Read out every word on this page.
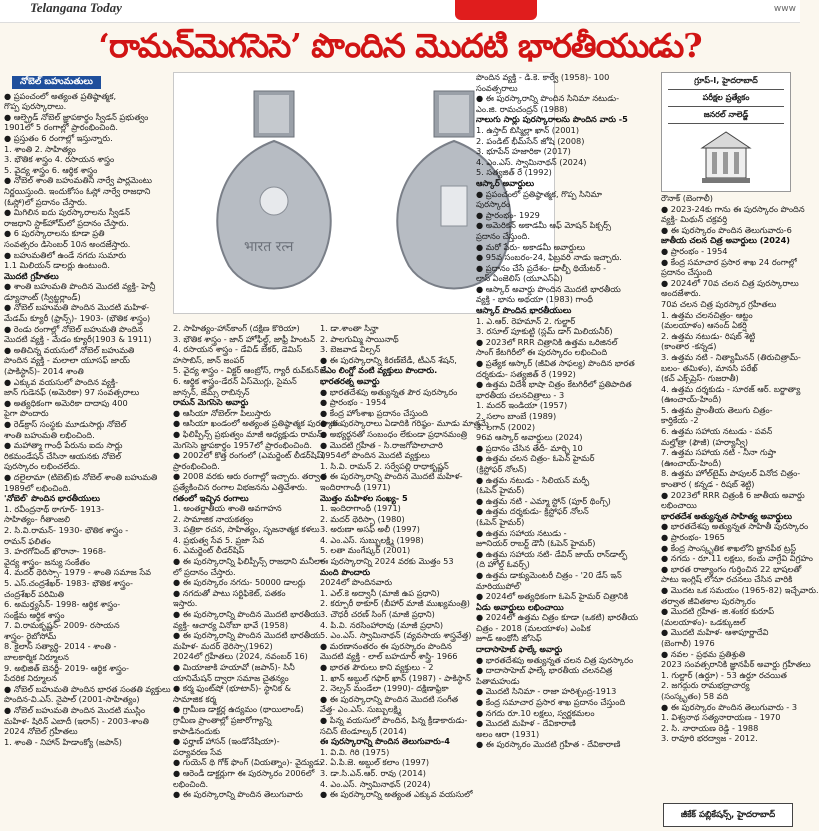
Telangana Today	www
‘రామన్‌మెగసెసె’ పొందిన మొదటి భారతీయుడు?
నోబెల్ బహుమతులు
● ప్రపంచంలో అత్యంత ప్రతిష్ఠాత్మక,
గొప్ప పురస్కారాలు.
● ఆల్ఫ్రెడ్ నోబెల్ జ్ఞాపకార్థం స్వీడన్ ప్రభుత్వం
1901లో 5 రంగాల్లో ప్రారంభించింది.
● ప్రస్తుతం 6 రంగాల్లో ఇస్తున్నారు.
1. శాంతి 2. సాహిత్యం
3. భౌతిక శాస్త్రం 4. రసాయన శాస్త్రం
5. వైద్య శాస్త్రం 6. ఆర్థిక శాస్త్రం
● నోబెల్ శాంతి బహుమతిని నార్వే పార్లమెంటు
నిర్ణయిస్తుంది. ఇందుకోసం ఓస్లో నార్వే రాజధాని
(ఓస్లో)లో ప్రదానం చేస్తారు.
● మిగిలిన ఐదు పురస్కారాలను స్వీడన్
రాజధాని స్టాక్‌హోమ్‌లో ప్రదానం చేస్తారు.
● 6 పురస్కారాలను కూడా ప్రతి
సంవత్సరం డిసెంబర్ 10న అందజేస్తారు.
● బహుమతిలో ఉండే నగదు సుమారు
1.1 మిలియన్ డాలర్లు ఉంటుంది.
మొదటి గ్రహీతలు
● శాంతి బహుమతి పొందిన మొదటి వ్యక్తి- హెన్రీ
డ్యూనాంట్ (స్విట్జర్లాండ్)
● నోబెల్ బహుమతి పొందిన మొదటి మహిళ-
మేడమ్ క్యూరీ (ఫ్రాన్స్)- 1903- (భౌతిక శాస్త్రం)
● రెండు రంగాల్లో నోబెల్ బహుమతి పొందిన
మొదటి వ్యక్తి - మేడం క్యూరీ(1903 & 1911)
● అతిచిన్న వయసులో నోబెల్ బహుమతి
పొందిన వ్యక్తి - మలాలా యూసఫ్ జాయ్
(పాకిస్థాన్)- 2014 శాంతి
● ఎక్కువ వయసులో పొందిన వ్యక్తి-
జాన్ గుడెనఫ్ (అమెరికా) 97 సంవత్సరాలు
● అత్యధికంగా అమెరికా దాదాపు 400
పైగా పొందారు
● రెడ్‌క్రాస్ సంస్థకు మూడుసార్లు నోబెల్
శాంతి బహుమతి లభించింది.
● మహాత్మా గాంధీ పేరును ఐదు సార్లు
రికమండేషన్ చేసినా ఆయనకు నోబెల్
పురస్కారం లభించలేదు.
● దలైలామా (టిబెట్)కు నోబెల్ శాంతి బహుమతి
1989లో లభించింది.
'నోబెల్' పొందిన భారతీయులు
1. రవీంద్రనాథ్ ఠాగూర్- 1913-
సాహిత్యం- గీతాంజలి
2. సి.వి.రామన్- 1930- భౌతిక శాస్త్రం -
రామన్ ఫలితం
3. హరగోవింద్ ఖొరానా- 1968-
వైద్య శాస్త్రం- జన్యు సంకేతం
4. మదర్ థెరిస్సా- 1979 - శాంతి సమాజ సేవ
5. ఎస్.చంద్రశేఖర్- 1983- భౌతిక శాస్త్రం-
చంద్రశేఖర్ పరిమితి
6. అమర్త్యసేన్- 1998- ఆర్థిక శాస్త్రం-
సంక్షేమ ఆర్థిక శాస్త్రం
7. వి.రామకృష్ణన్- 2009- రసాయన
శాస్త్రం- రైబోసోమ్
8. కైలాస్ సత్యార్థి- 2014 - శాంతి -
బాలకార్మిక నిర్మూలన
9. అభిజిత్ బెనర్జీ- 2019- ఆర్థిక శాస్త్రం-
పేదరిక నిర్మూలన
● నోబెల్ బహుమతి పొందిన భారత సంతతి వ్యక్తులు
పొందిన-వి.ఎస్. నైపాల్ (2001-సాహిత్యం)
● నోబెల్ బహుమతి పొందిన మొదటి ముస్లిం
మహిళ- షిరిన్ ఎబాదీ (ఇరాన్) - 2003-శాంతి
2024 నోబెల్ గ్రహీతలు
1. శాంతి - నిహాన్ హిడాంక్యో (జపాన్)
भारत रत्न
2. సాహిత్యం-హాన్‌కాంగ్ (దక్షిణ కొరియా)
3. భౌతిక శాస్త్రం - జాన్ హోఫీల్డ్, జాఫ్రీ హింటన్
4. రసాయన శాస్త్రం - డేవిడ్ బేకర్, డెమిస్
హసాబిస్, జాన్ జంపర్
5. వైద్య శాస్త్రం - విక్టర్ ఆంబ్రోస్, గ్యారీ రువ్‌కున్
6. ఆర్థిక శాస్త్రం-డేరన్ ఏస్‌మొగ్లు, సైమన్
జాన్సన్, జేమ్స్ రాబిన్సన్
రామన్ మెగసెసె అవార్డు
● ఆసియా నోబెల్‌గా పిలుస్తారు
● ఆసియా ఖండంలో అత్యంత ప్రతిష్ఠాత్మక పురస్కారం
● ఫిలిప్పీన్స్ ప్రభుత్వం మాజీ అధ్యక్షుడు రామన్
మెగసెసె జ్ఞాపకార్థం 1957లో ప్రారంభించింది.
● 2002లో కొత్త రంగంలో (ఎమర్జెంట్ లీడర్‌షిప్)
ప్రారంభించింది.
● 2008 వరకు ఆరు రంగాల్లో ఇచ్చారు. తర్వాత
ప్రత్యేకించిన రంగాల విభజనను ఎత్తివేశారు.
గతంలో ఇచ్చిన రంగాలు
1. అంతర్జాతీయ శాంతి అవగాహన
2. సామాజిక నాయకత్వం
3. పత్రికా రచన, సాహిత్యం, సృజనాత్మక కళలు
4. ప్రభుత్వ సేవ 5. ప్రజా సేవ
6. ఎమర్జెంట్ లీడర్‌షిప్
● ఈ పురస్కారాన్ని ఫిలిప్పీన్స్ రాజధాని మనీలా
లో ప్రదానం చేస్తారు.
● ఈ పురస్కారం నగదు- 50000 డాలర్లు
● నగదుతో పాటు సర్టిఫికెట్, పతకం
ఇస్తారు.
● ఈ పురస్కారాన్ని పొందిన మొదటి భారతీయ
వ్యక్తి- ఆచార్య వినోబా భావే (1958)
● ఈ పురస్కారాన్ని పొందిన మొదటి భారతీయ
మహిళ- మదర్ థెరిస్సా(1962)
2024లో గ్రహీతలు (2024, నవంబర్ 16)
● మియాజాకి హయావో (జపాన్)- సినీ
యానిమేషన్ ద్వారా సమాజ చైతన్యం
● కర్మ ఫుంట్‌షో (భూటాన్)- స్థానిక &
సామాజిక కర్మ
● గ్రామీణ డాక్టర్ల ఉద్యమం (థాయిలాండ్)
గ్రామీణ ప్రాంతాల్లో ప్రజారోగ్యాన్ని
కాపాడినందుకు
● ఫర్హాణ్ హాసన్ (ఇండోనేషియా)-
పర్యావరణ సేవ
● గుయెన్ థి గోక్ ఫొంగ్ (వియత్నాం)- వైద్యుడు
● ఆరెండీ డాక్టర్లుగా ఈ పురస్కారం 2006లో
లభించింది.
● ఈ పురస్కారాన్ని పొందిన తెలుగువారు
1. డా.శాంతా సిన్హా
2. పాలగుమ్మి సాయినాథ్
3. బెజవాడ విల్సన్
● ఈ పురస్కారాన్ని కిరణ్‌బేడీ, టీఎన్ శేషన్,
జేఎం లింగ్డో వంటి వ్యక్తులు పొందారు.
భారతరత్న అవార్డు
● భారతదేశపు అత్యున్నత పౌర పురస్కారం
● ప్రారంభం - 1954
● కేంద్ర హోంశాఖ ప్రదానం చేస్తుంది
● ఈ పురస్కారాలు ఏడాదికి గరిష్ఠం- మూడు మాత్రమే
● అభ్యర్థనతో సంబంధం లేకుండా ప్రధానమంత్రి
● మొదటి గ్రహీత - సి.రాజగోపాలాచారి
1954లో పొందిన మొదటి వ్యక్తులు
1. సి.వి. రామన్ 2. సర్వేపల్లి రాధాకృష్ణన్
● ఈ పురస్కారాన్ని పొందిన మొదటి మహిళ-
ఇందిరాగాంధీ (1971)
మొత్తం మహిళల సంఖ్య- 5
1. ఇందిరాగాంధీ (1971)
2. మదర్ థెరిస్సా (1980)
3. అరుణా అసఫ్ అలీ (1997)
4. ఎం.ఎస్. సుబ్బులక్ష్మి (1998)
5. లతా మంగేష్కర్ (2001)
ఈ పురస్కారాన్ని 2024 వరకు మొత్తం 53
మంది పొందారు
2024లో పొందినవారు
1. ఎల్.కె అద్వానీ (మాజీ ఉప ప్రధాని)
2. కర్పూరీ ఠాకూర్ (బీహార్ మాజీ ముఖ్యమంత్రి)
3. చౌధరీ చరణ్ సింగ్ (మాజీ ప్రధాని)
4. పి.వి. నరసింహారావు (మాజీ ప్రధాని)
5. ఎం.ఎస్. స్వామినాథన్ (వ్యవసాయ శాస్త్రవేత్త)
● మరణానంతరం ఈ పురస్కారం పొందిన
మొదటి వ్యక్తి - లాల్ బహదూర్ శాస్త్రి- 1966
● భారత పౌరులు కాని వ్యక్తులు - 2
1. ఖాన్ అబ్దుల్ గఫార్ ఖాన్ (1987) - పాకిస్థాన్
2. నెల్సన్ మండేలా (1990)- దక్షిణాఫ్రికా
● ఈ పురస్కారాన్ని పొందిన మొదటి సంగీత
వేత్త- ఎం.ఎస్. సుబ్బులక్ష్మి
● పిన్న వయసులో పొందిన, పిన్న క్రీడాకారుడు-
సచిన్ టెండూల్కర్ (2014)
ఈ పురస్కారాన్ని పొందిన తెలుగువారు-4
1. వి.వి. గిరి (1975)
2. ఏ.పి.జె. అబ్దుల్ కలాం (1997)
3. డా.సి.ఎన్.ఆర్. రావు (2014)
4. ఎం.ఎస్. స్వామినాథన్ (2024)
● ఈ పురస్కారాన్ని అత్యంత ఎక్కువ వయసులో
పొందిన వ్యక్తి - డి.కె. కార్వే (1958)- 100
సంవత్సరాలు
● ఈ పురస్కారాన్ని పొందిన సినిమా నటుడు-
ఎం.జి. రామచంద్రన్ (1988)
నాలుగు సార్లు పురస్కారాలను పొందిన వారు -5
1. ఉస్తాద్ బిస్మిల్లా ఖాన్ (2001)
2. పండిట్ భీమ్‌సేన్ జోషి (2008)
3. భూపేన్ హజారికా (2017)
4. ఎం.ఎస్. స్వామినాథన్ (2024)
5. సత్యజిత్ రే (1992)
ఆస్కార్ అవార్డులు
● ప్రపంచంలో ప్రతిష్ఠాత్మక, గొప్ప సినిమా
పురస్కారం
● ప్రారంభం- 1929
● అమెరికన్ అకాడమీ ఆఫ్ మోషన్ పిక్చర్స్
ప్రదానం చేస్తుంది.
● మరో పేరు- అకాడమీ అవార్డులు
● 95వ సంబరం-24, ఫిబ్రవరి నాడు ఇచ్చారు.
● ప్రదానం చేసే ప్రదేశం- డాల్బీ థియేటర్ -
లాస్ ఏంజెలిస్ (యూఎస్ఏ)
● ఆస్కార్ అవార్డు పొందిన మొదటి భారతీయ
వ్యక్తి - భాను అథయా (1983) గాంధీ
ఆస్కార్ పొందిన భారతీయులు
1. ఎ.ఆర్. రెహమాన్ 2. గుల్జార్
3. రసూల్ పూకుట్టి (స్లమ్ డాగ్ మిలియనీర్)
● 2023లో RRR చిత్రానికి ఉత్తమ ఒరిజినల్
సాంగ్ కేటగిరీలో ఈ పురస్కారం లభించింది
● ప్రత్యేక ఆస్కార్ (జీవిత సాఫల్య) పొందిన భారత
దర్శకుడు- సత్యజిత్ రే (1992)
● ఉత్తమ విదేశీ భాషా చిత్రం కేటగిరీలో ప్రతిపాదిత
భారతీయ చలనచిత్రాలు - 3
1. మదర్ ఇండియా (1957)
2. సలాం బాంబే (1989)
3. లగాన్ (2002)
96వ ఆస్కార్ అవార్డులు (2024)
● ప్రదానం చేసిన తేదీ- మార్చి 10
● ఉత్తమ చలన చిత్రం- ఓపెన్ హైమర్
(క్రిస్టోఫర్ నోలన్)
● ఉత్తమ నటుడు - సిలియన్ మర్ఫీ
(ఓపెన్ హైమర్)
● ఉత్తమ నటి - ఎమ్మా స్టోన్ (పూర్ థింగ్స్)
● ఉత్తమ దర్శకుడు- క్రిస్టోఫర్ నోలన్
(ఓపెన్ హైమర్)
● ఉత్తమ సహాయ నటుడు -
జూనియర్ రాబర్ట్ డౌనీ (ఓపెన్ హైమర్)
● ఉత్తమ సహాయ నటి- డేవిన్ జాయ్ రాన్‌డాల్ఫ్
(ది హోల్డ్ ఓవర్స్)
● ఉత్తమ డాక్యుమెంటరీ చిత్రం - '20 డేస్ ఇన్
మారియుపోల్'
● 2024లో అత్యధికంగా ఓపెన్ హైమర్ చిత్రానికి
ఏడు అవార్డులు లభించాయి
● 2024లో ఉత్తమ చిత్రం కూడా (ఒకటి) భారతీయ
చిత్రం - 2018 (మలయాళం) ఎంపిక
జూడ్ ఆంథోనీ జోసెఫ్
దాదాసాహెబ్ ఫాల్కే అవార్డు
● భారతదేశపు అత్యున్నత చలన చిత్ర పురస్కారం
● దాదాసాహెబ్ ఫాల్కే భారతీయ చలనచిత్ర
పితామహుడు
● మొదటి సినిమా - రాజా హరిశ్చంద్ర-1913
● కేంద్ర సమాచార ప్రసార శాఖ ప్రదానం చేస్తుంది
● నగదు రూ.10 లక్షలు, స్వర్ణకమలం
● మొదటి మహిళ - దేవికారాణి
అలం ఆరా (1931)
● ఈ పురస్కారం మొదటి గ్రహీత - దేవికారాణి
గ్రూప్-I, హైదరాబాద్
పరీక్షల ప్రత్యేకం
జనరల్ నాలెడ్జ్
రౌనాక్ (బెంగాలీ)
● 2023-24కు గాను ఈ పురస్కారం పొందిన
వ్యక్తి- మిథున్ చక్రవర్తి
● ఈ పురస్కారం పొందిన తెలుగువారు-6
జాతీయ చలన చిత్ర అవార్డులు (2024)
● ప్రారంభం - 1954
● కేంద్ర సమాచార ప్రసార శాఖ 24 రంగాల్లో
ప్రదానం చేస్తుంది
● 2024లో 70వ చలన చిత్ర పురస్కారాలు
అందజేశారు.
70వ చలన చిత్ర పురస్కార గ్రహీతలు
1. ఉత్తమ చలనచిత్రం- ఆట్టం
(మలయాళం) ఆనంద్ ఏకర్షి
2. ఉత్తమ నటుడు- రిషబ్ శెట్టి
(కాంతార -కన్నడ)
3. ఉత్తమ నటి - నిత్యామీనన్ (తిరుచిత్రామ్-
బలం- తమిళం), మానసి పరేఖ్
(కచ్ ఎక్స్‌ప్రెస్- గుజరాతీ)
4. ఉత్తమ దర్శకుడు - సూరజ్ ఆర్. బర్జాత్యా
(ఊంచాయ్-హిందీ)
5. ఉత్తమ ప్రాంతీయ తెలుగు చిత్రం-
కార్తికేయ -2
6. ఉత్తమ సహాయ నటుడు - పవన్
మల్హోత్రా (ఫౌజీ) (హర్యాన్వీ)
7. ఉత్తమ సహాయ నటి - నీనా గుప్తా
(ఊంచాయ్-హిందీ)
8. ఉత్తమ హోల్‌టైమ్ పాపులర్ వినోద చిత్రం-
కాంతార ( కన్నడ - రిషబ్ శెట్టి)
● 2023లో RRR చిత్రంకి 6 జాతీయ అవార్డు
లభించాయి
భారతదేశ అత్యున్నత సాహిత్య అవార్డులు
● భారతదేశపు అత్యున్నత సాహితీ పురస్కారం
● ప్రారంభం- 1965
● కేంద్ర సాంస్కృతిక శాఖలోని జ్ఞానపీఠ ట్రస్ట్
● నగదు - రూ.11 లక్షలు, కంచు వాగ్దేవి విగ్రహం
● భారత రాజ్యాంగం గుర్తించిన 22 భాషలతో
పాటు ఇంగ్లిష్ లోనూ రచనలు చేసిన వారికి
● మొదట ఒక సమయం (1965-82) ఇచ్చేవారు.
తర్వాత జీవితకాల పురస్కారం
● మొదటి గ్రహీత- జి.శంకర కురూప్
(మలయాళం)- ఒడక్కుఴల్
● మొదటి మహిళ- ఆశాపూర్ణాదేవి
(బెంగాలీ) 1976
● నవల - ప్రథమ ప్రతిశ్రుతి
2023 సంవత్సరానికి జ్ఞానపీఠ్ అవార్డు గ్రహీతలు
1. గుల్జార్ (ఉర్దూ) - 53 ఉర్దూ రచయిత
2. జగద్గురు రామభద్రాచార్య
(సంస్కృతం) 58 వది
● ఈ పురస్కారం పొందిన తెలుగువారు - 3
1. విశ్వనాథ సత్యనారాయణ - 1970
2. సి. నారాయణ రెడ్డి - 1988
3. రావూరి భరద్వాజ - 2012.
జీకేక్ పబ్లికేషన్స్, హైదరాబాద్
